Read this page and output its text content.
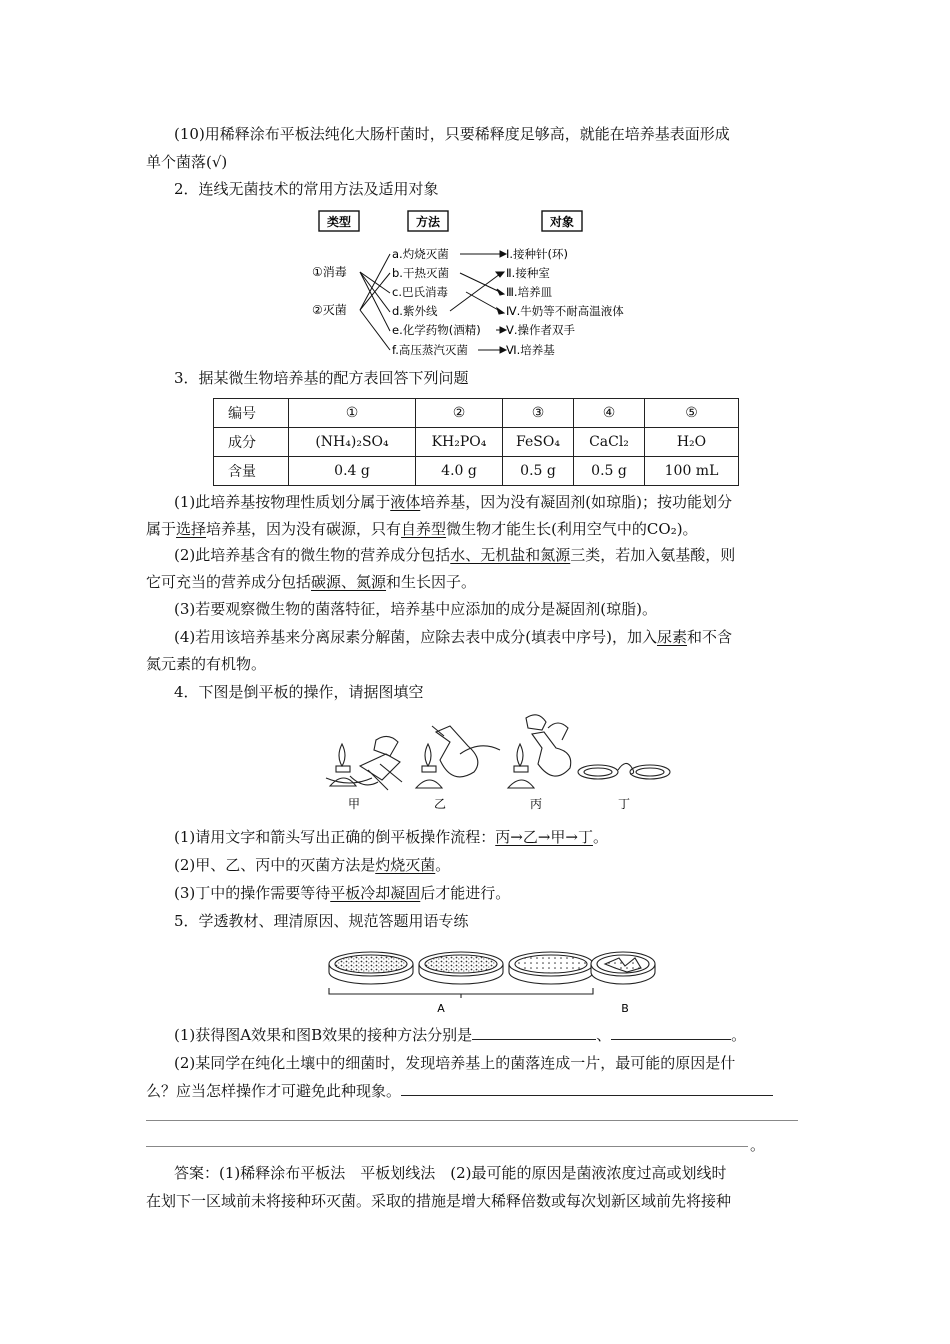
(10)用稀释涂布平板法纯化大肠杆菌时，只要稀释度足够高，就能在培养基表面形成
单个菌落(√)
2．连线无菌技术的常用方法及适用对象
类型	方法	对象
①消毒
②灭菌
a.灼烧灭菌
b.干热灭菌
c.巴氏消毒
d.紫外线
e.化学药物(酒精)
f.高压蒸汽灭菌
Ⅰ.接种针(环)
Ⅱ.接种室
Ⅲ.培养皿
Ⅳ.牛奶等不耐高温液体
Ⅴ.操作者双手
Ⅵ.培养基
3．据某微生物培养基的配方表回答下列问题
编号	①	②	③	④	⑤
成分	(NH₄)₂SO₄	KH₂PO₄	FeSO₄	CaCl₂	H₂O
含量	0.4 g	4.0 g	0.5 g	0.5 g	100 mL
(1)此培养基按物理性质划分属于液体培养基，因为没有凝固剂(如琼脂)；按功能划分
属于选择培养基，因为没有碳源，只有自养型微生物才能生长(利用空气中的CO₂)。
(2)此培养基含有的微生物的营养成分包括水、无机盐和氮源三类，若加入氨基酸，则
它可充当的营养成分包括碳源、氮源和生长因子。
(3)若要观察微生物的菌落特征，培养基中应添加的成分是凝固剂(琼脂)。
(4)若用该培养基来分离尿素分解菌，应除去表中成分(填表中序号)，加入尿素和不含
氮元素的有机物。
4．下图是倒平板的操作，请据图填空
甲	乙	丙	丁
(1)请用文字和箭头写出正确的倒平板操作流程：丙→乙→甲→丁。
(2)甲、乙、丙中的灭菌方法是灼烧灭菌。
(3)丁中的操作需要等待平板冷却凝固后才能进行。
5．学透教材、理清原因、规范答题用语专练
A	B
(1)获得图A效果和图B效果的接种方法分别是	、	。
(2)某同学在纯化土壤中的细菌时，发现培养基上的菌落连成一片，最可能的原因是什
么？应当怎样操作才可避免此种现象。
。
答案：(1)稀释涂布平板法　平板划线法　(2)最可能的原因是菌液浓度过高或划线时
在划下一区域前未将接种环灭菌。采取的措施是增大稀释倍数或每次划新区域前先将接种
